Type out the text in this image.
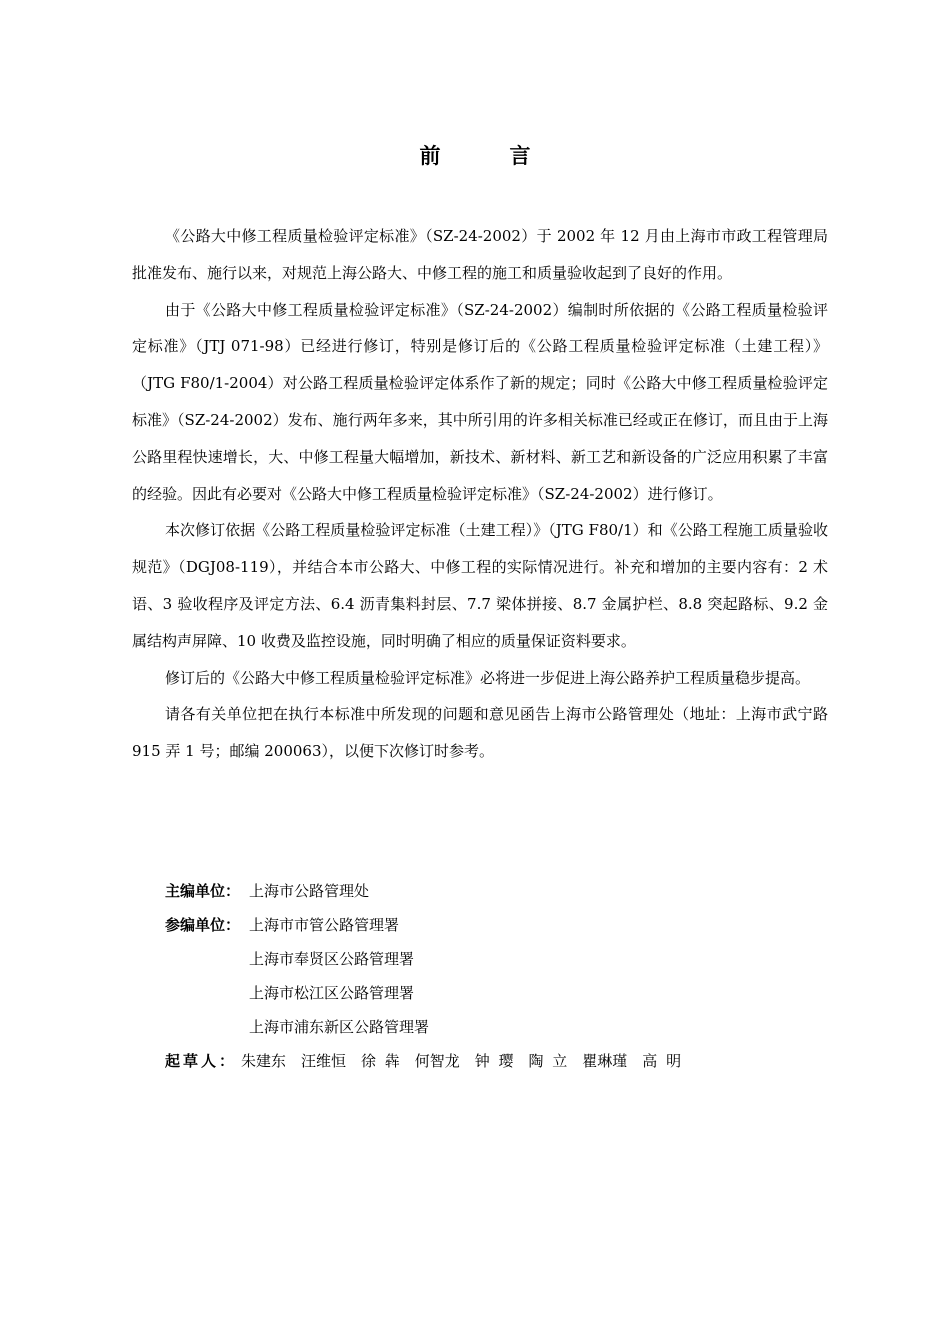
前　言

《公路大中修工程质量检验评定标准》（SZ-24-2002）于 2002 年 12 月由上海市市政工程管理局批准发布、施行以来，对规范上海公路大、中修工程的施工和质量验收起到了良好的作用。

由于《公路大中修工程质量检验评定标准》（SZ-24-2002）编制时所依据的《公路工程质量检验评定标准》（JTJ 071-98）已经进行修订，特别是修订后的《公路工程质量检验评定标准（土建工程）》（JTG F80/1-2004）对公路工程质量检验评定体系作了新的规定；同时《公路大中修工程质量检验评定标准》（SZ-24-2002）发布、施行两年多来，其中所引用的许多相关标准已经或正在修订，而且由于上海公路里程快速增长，大、中修工程量大幅增加，新技术、新材料、新工艺和新设备的广泛应用积累了丰富的经验。因此有必要对《公路大中修工程质量检验评定标准》（SZ-24-2002）进行修订。

本次修订依据《公路工程质量检验评定标准（土建工程）》（JTG F80/1）和《公路工程施工质量验收规范》（DGJ08-119），并结合本市公路大、中修工程的实际情况进行。补充和增加的主要内容有：2 术语、3 验收程序及评定方法、6.4 沥青集料封层、7.7 梁体拼接、8.7 金属护栏、8.8 突起路标、9.2 金属结构声屏障、10 收费及监控设施，同时明确了相应的质量保证资料要求。

修订后的《公路大中修工程质量检验评定标准》必将进一步促进上海公路养护工程质量稳步提高。

请各有关单位把在执行本标准中所发现的问题和意见函告上海市公路管理处（地址：上海市武宁路 915 弄 1 号；邮编 200063），以便下次修订时参考。

主编单位： 上海市公路管理处
参编单位： 上海市市管公路管理署
上海市奉贤区公路管理署
上海市松江区公路管理署
上海市浦东新区公路管理署
起草人： 朱建东　汪维恒　徐 犇　何智龙　钟 璎　陶 立　瞿琳瑾　高 明
